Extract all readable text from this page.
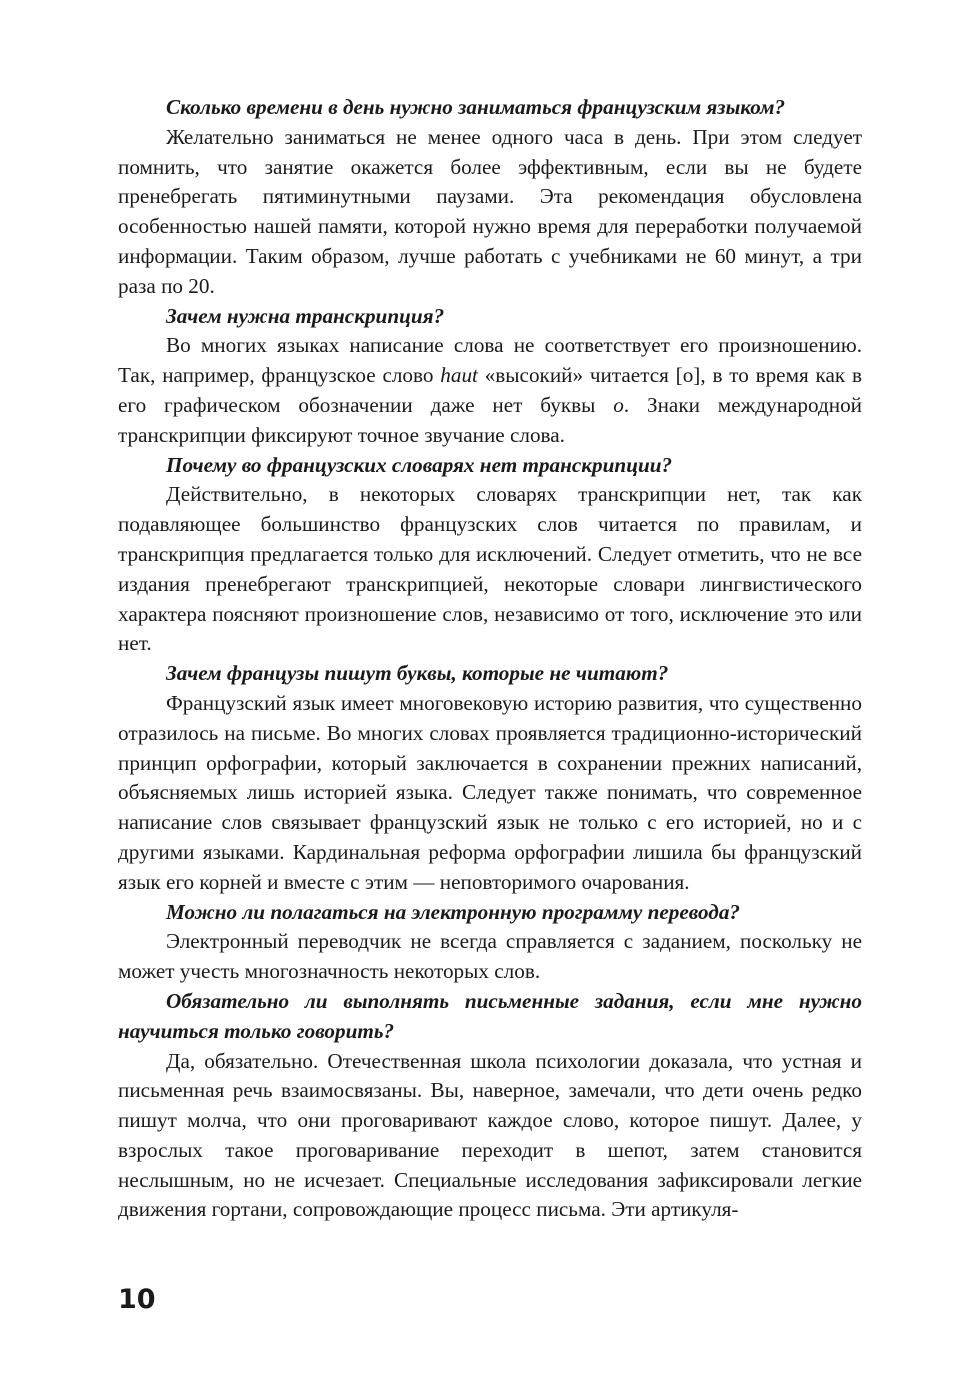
Сколько времени в день нужно заниматься французским языком?

Желательно заниматься не менее одного часа в день. При этом следует помнить, что занятие окажется более эффективным, если вы не будете пренебрегать пятиминутными паузами. Эта рекомендация обусловлена особенностью нашей памяти, которой нужно время для переработки получаемой информации. Таким образом, лучше работать с учебниками не 60 минут, а три раза по 20.

Зачем нужна транскрипция?

Во многих языках написание слова не соответствует его произношению. Так, например, французское слово haut «высокий» читается [o], в то время как в его графическом обозначении даже нет буквы o. Знаки международной транскрипции фиксируют точное звучание слова.

Почему во французских словарях нет транскрипции?

Действительно, в некоторых словарях транскрипции нет, так как подавляющее большинство французских слов читается по правилам, и транскрипция предлагается только для исключений. Следует отметить, что не все издания пренебрегают транскрипцией, некоторые словари лингвистического характера поясняют произношение слов, независимо от того, исключение это или нет.

Зачем французы пишут буквы, которые не читают?

Французский язык имеет многовековую историю развития, что существенно отразилось на письме. Во многих словах проявляется традиционно-исторический принцип орфографии, который заключается в сохранении прежних написаний, объясняемых лишь историей языка. Следует также понимать, что современное написание слов связывает французский язык не только с его историей, но и с другими языками. Кардинальная реформа орфографии лишила бы французский язык его корней и вместе с этим — неповторимого очарования.

Можно ли полагаться на электронную программу перевода?

Электронный переводчик не всегда справляется с заданием, поскольку не может учесть многозначность некоторых слов.

Обязательно ли выполнять письменные задания, если мне нужно научиться только говорить?

Да, обязательно. Отечественная школа психологии доказала, что устная и письменная речь взаимосвязаны. Вы, наверное, замечали, что дети очень редко пишут молча, что они проговаривают каждое слово, которое пишут. Далее, у взрослых такое проговаривание переходит в шепот, затем становится неслышным, но не исчезает. Специальные исследования зафиксировали легкие движения гортани, сопровождающие процесс письма. Эти артикуля-

10
